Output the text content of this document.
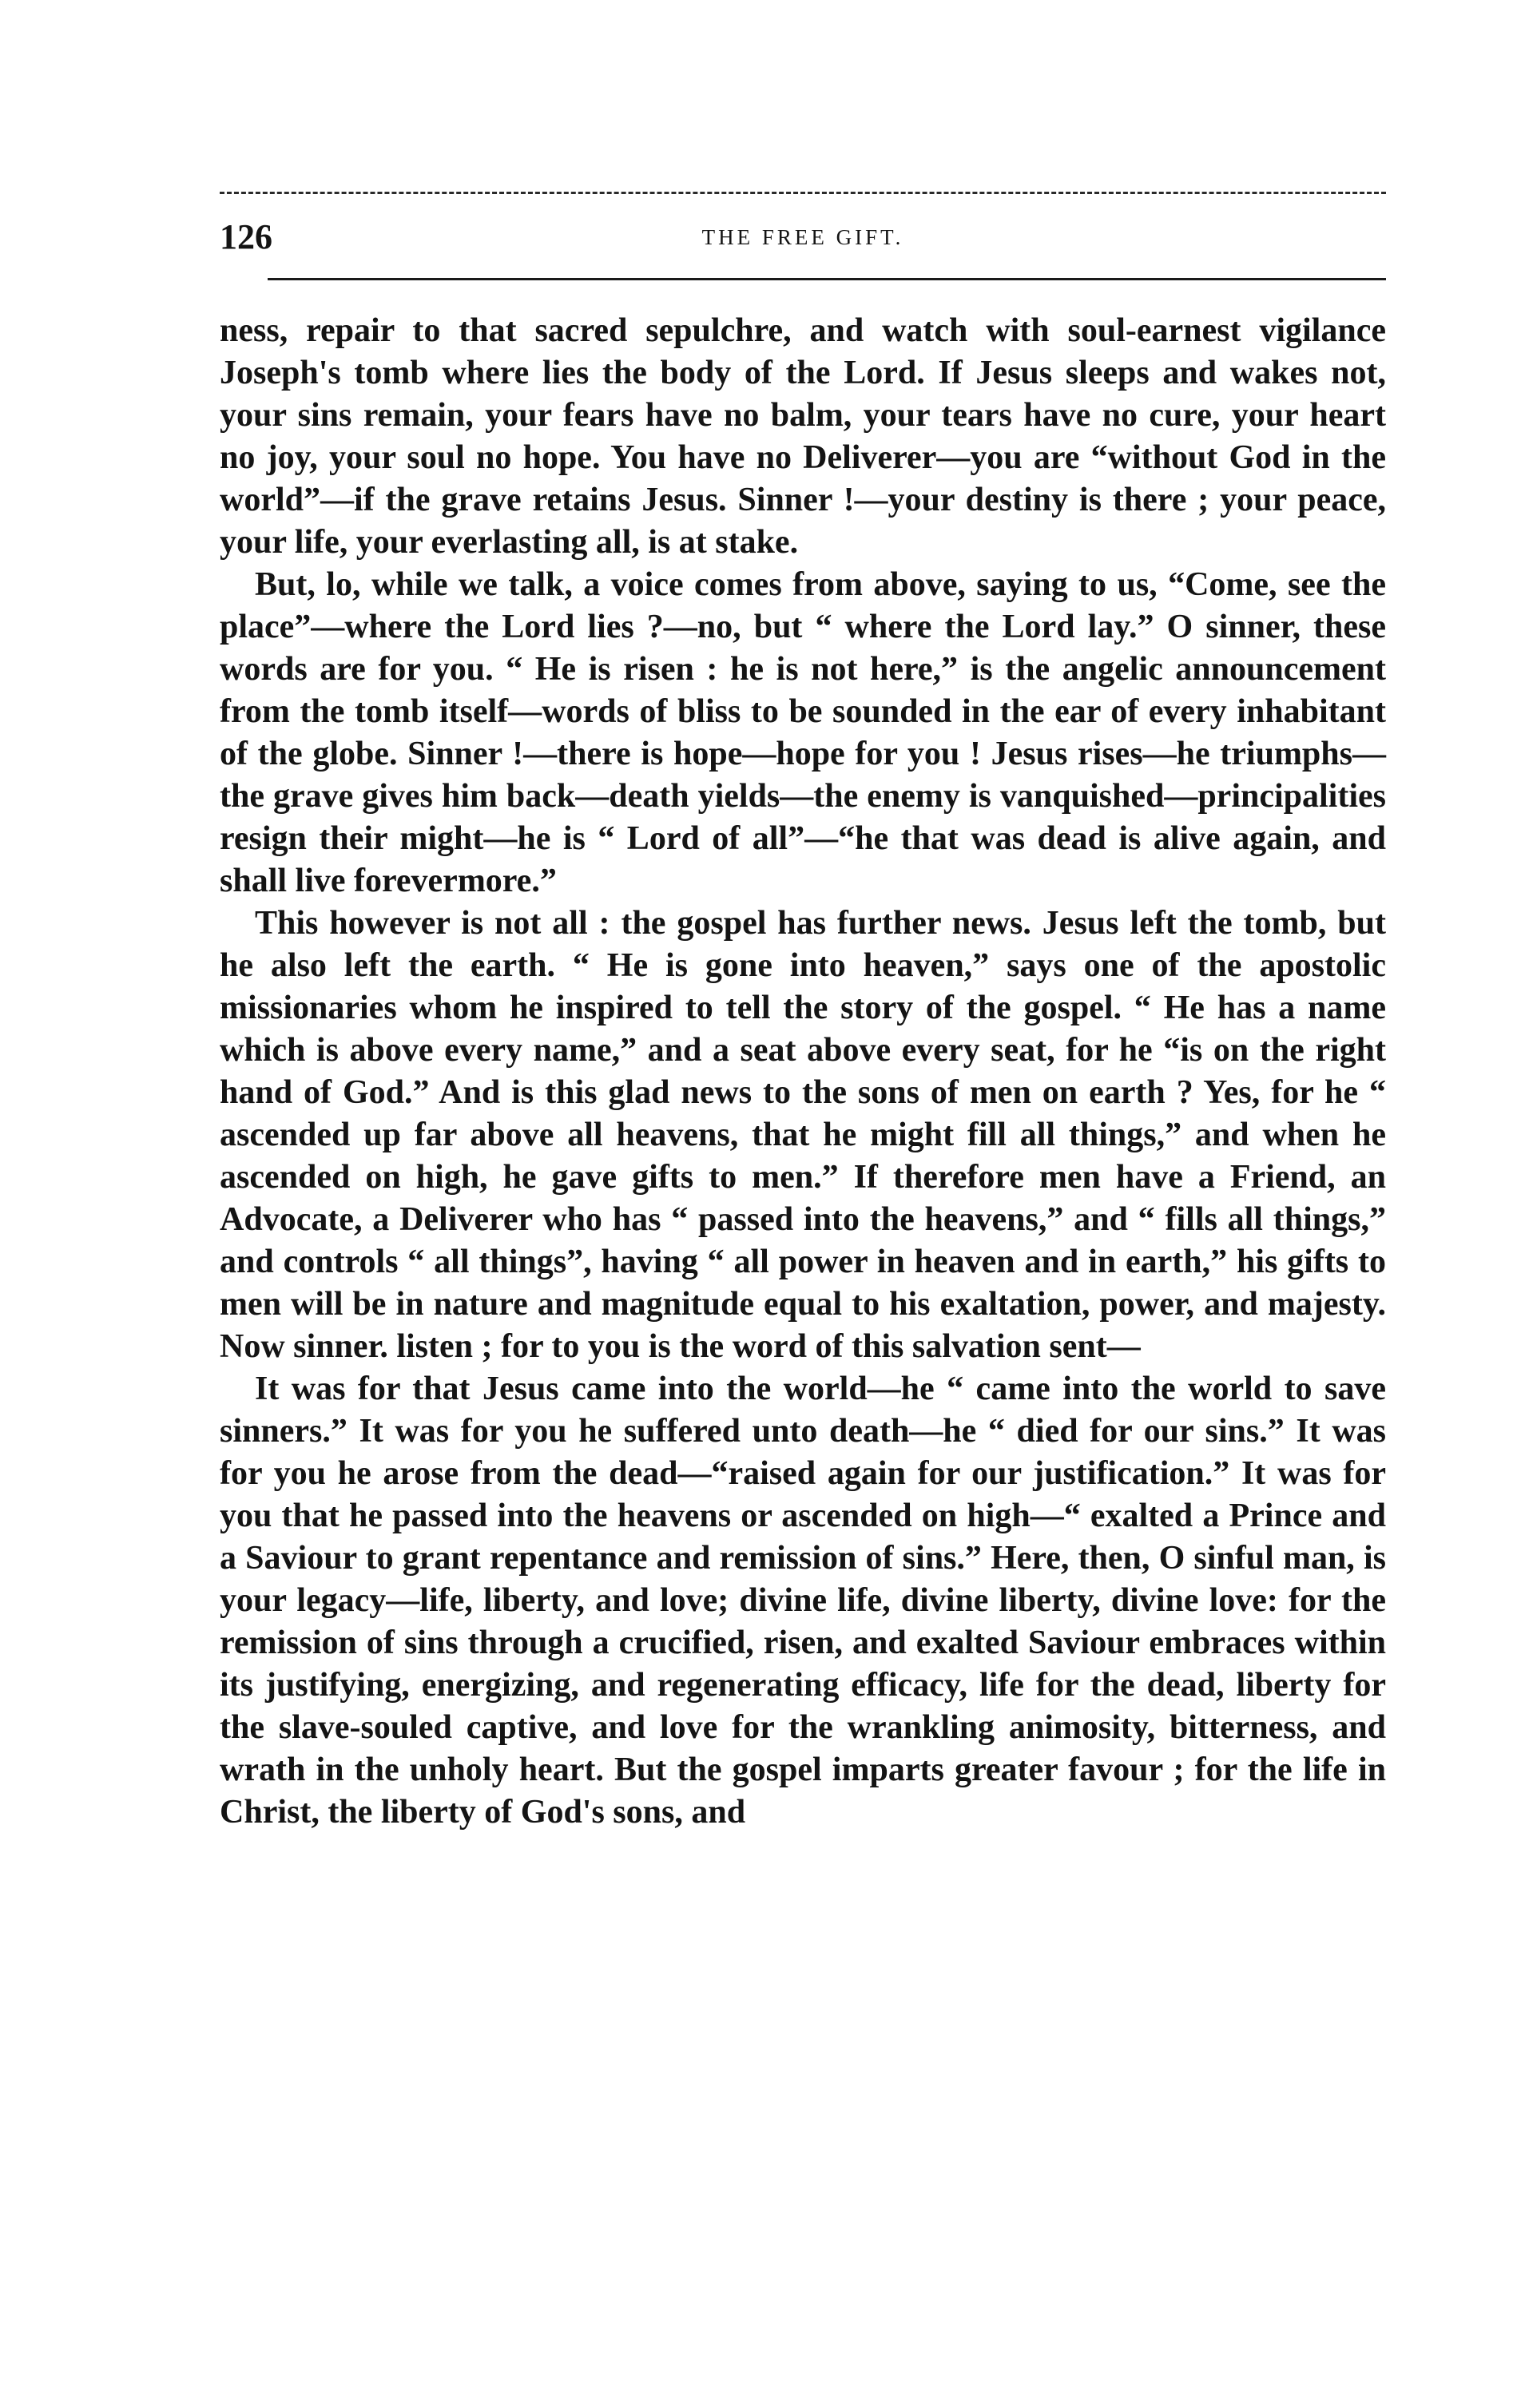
126	THE FREE GIFT.

ness, repair to that sacred sepulchre, and watch with soul-earnest vigilance Joseph's tomb where lies the body of the Lord. If Jesus sleeps and wakes not, your sins remain, your fears have no balm, your tears have no cure, your heart no joy, your soul no hope. You have no Deliverer—you are “without God in the world”—if the grave retains Jesus. Sinner !—your destiny is there ; your peace, your life, your everlasting all, is at stake.

But, lo, while we talk, a voice comes from above, saying to us, “Come, see the place”—where the Lord lies ?—no, but “ where the Lord lay.” O sinner, these words are for you. “ He is risen : he is not here,” is the angelic announcement from the tomb itself—words of bliss to be sounded in the ear of every inhabitant of the globe. Sinner !—there is hope—hope for you ! Jesus rises—he triumphs—the grave gives him back—death yields—the enemy is vanquished—principalities resign their might—he is “ Lord of all”—“he that was dead is alive again, and shall live forevermore.”

This however is not all : the gospel has further news. Jesus left the tomb, but he also left the earth. “ He is gone into heaven,” says one of the apostolic missionaries whom he inspired to tell the story of the gospel. “ He has a name which is above every name,” and a seat above every seat, for he “is on the right hand of God.” And is this glad news to the sons of men on earth ? Yes, for he “ ascended up far above all heavens, that he might fill all things,” and when he ascended on high, he gave gifts to men.” If therefore men have a Friend, an Advocate, a Deliverer who has “ passed into the heavens,” and “ fills all things,” and controls “ all things”, having “ all power in heaven and in earth,” his gifts to men will be in nature and magnitude equal to his exaltation, power, and majesty. Now sinner. listen ; for to you is the word of this salvation sent—

It was for that Jesus came into the world—he “ came into the world to save sinners.” It was for you he suffered unto death—he “ died for our sins.” It was for you he arose from the dead—“raised again for our justification.” It was for you that he passed into the heavens or ascended on high—“ exalted a Prince and a Saviour to grant repentance and remission of sins.” Here, then, O sinful man, is your legacy—life, liberty, and love; divine life, divine liberty, divine love: for the remission of sins through a crucified, risen, and exalted Saviour embraces within its justifying, energizing, and regenerating efficacy, life for the dead, liberty for the slave-souled captive, and love for the wrankling animosity, bitterness, and wrath in the unholy heart. But the gospel imparts greater favour ; for the life in Christ, the liberty of God's sons, and
